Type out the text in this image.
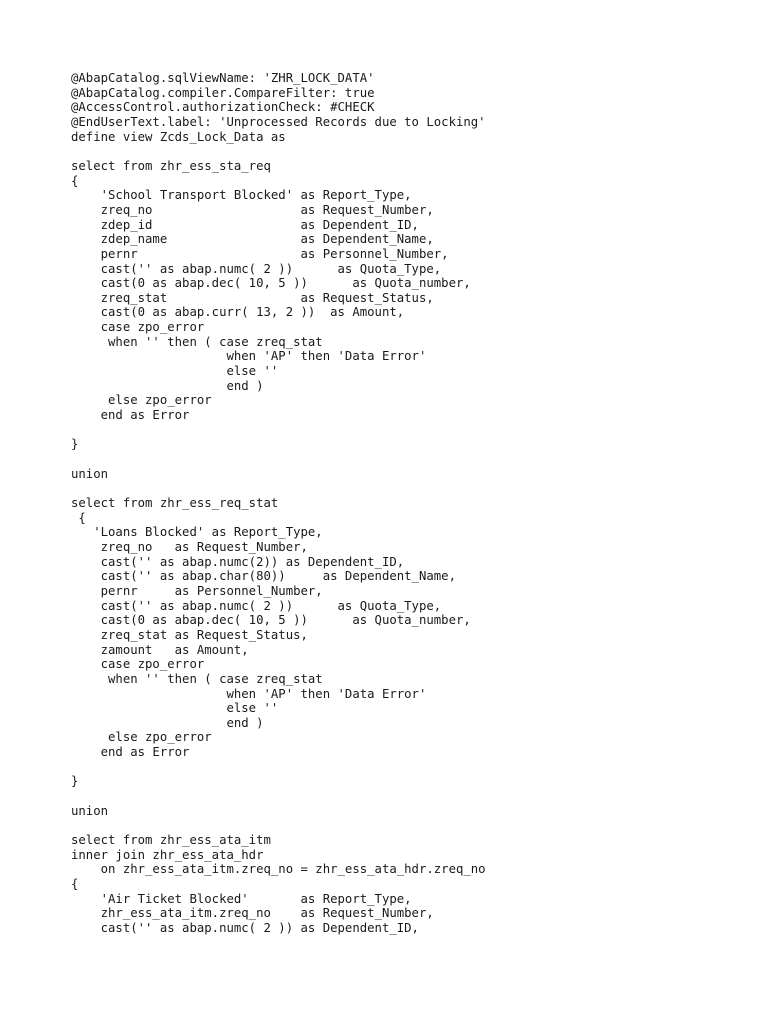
@AbapCatalog.sqlViewName: 'ZHR_LOCK_DATA'
@AbapCatalog.compiler.CompareFilter: true
@AccessControl.authorizationCheck: #CHECK
@EndUserText.label: 'Unprocessed Records due to Locking'
define view Zcds_Lock_Data as
select from zhr_ess_sta_req
{
'School Transport Blocked' as Report_Type,
zreq_no                    as Request_Number,
zdep_id                    as Dependent_ID,
zdep_name                  as Dependent_Name,
pernr                      as Personnel_Number,
cast('' as abap.numc( 2 ))      as Quota_Type,
cast(0 as abap.dec( 10, 5 ))      as Quota_number,
zreq_stat                  as Request_Status,
cast(0 as abap.curr( 13, 2 ))  as Amount,
case zpo_error
when '' then ( case zreq_stat
when 'AP' then 'Data Error'
else ''
end )
else zpo_error
end as Error
}
union
select from zhr_ess_req_stat
{
'Loans Blocked' as Report_Type,
zreq_no   as Request_Number,
cast('' as abap.numc(2)) as Dependent_ID,
cast('' as abap.char(80))     as Dependent_Name,
pernr     as Personnel_Number,
cast('' as abap.numc( 2 ))      as Quota_Type,
cast(0 as abap.dec( 10, 5 ))      as Quota_number,
zreq_stat as Request_Status,
zamount   as Amount,
case zpo_error
when '' then ( case zreq_stat
when 'AP' then 'Data Error'
else ''
end )
else zpo_error
end as Error
}
union
select from zhr_ess_ata_itm
inner join zhr_ess_ata_hdr
on zhr_ess_ata_itm.zreq_no = zhr_ess_ata_hdr.zreq_no
{
'Air Ticket Blocked'       as Report_Type,
zhr_ess_ata_itm.zreq_no    as Request_Number,
cast('' as abap.numc( 2 )) as Dependent_ID,
